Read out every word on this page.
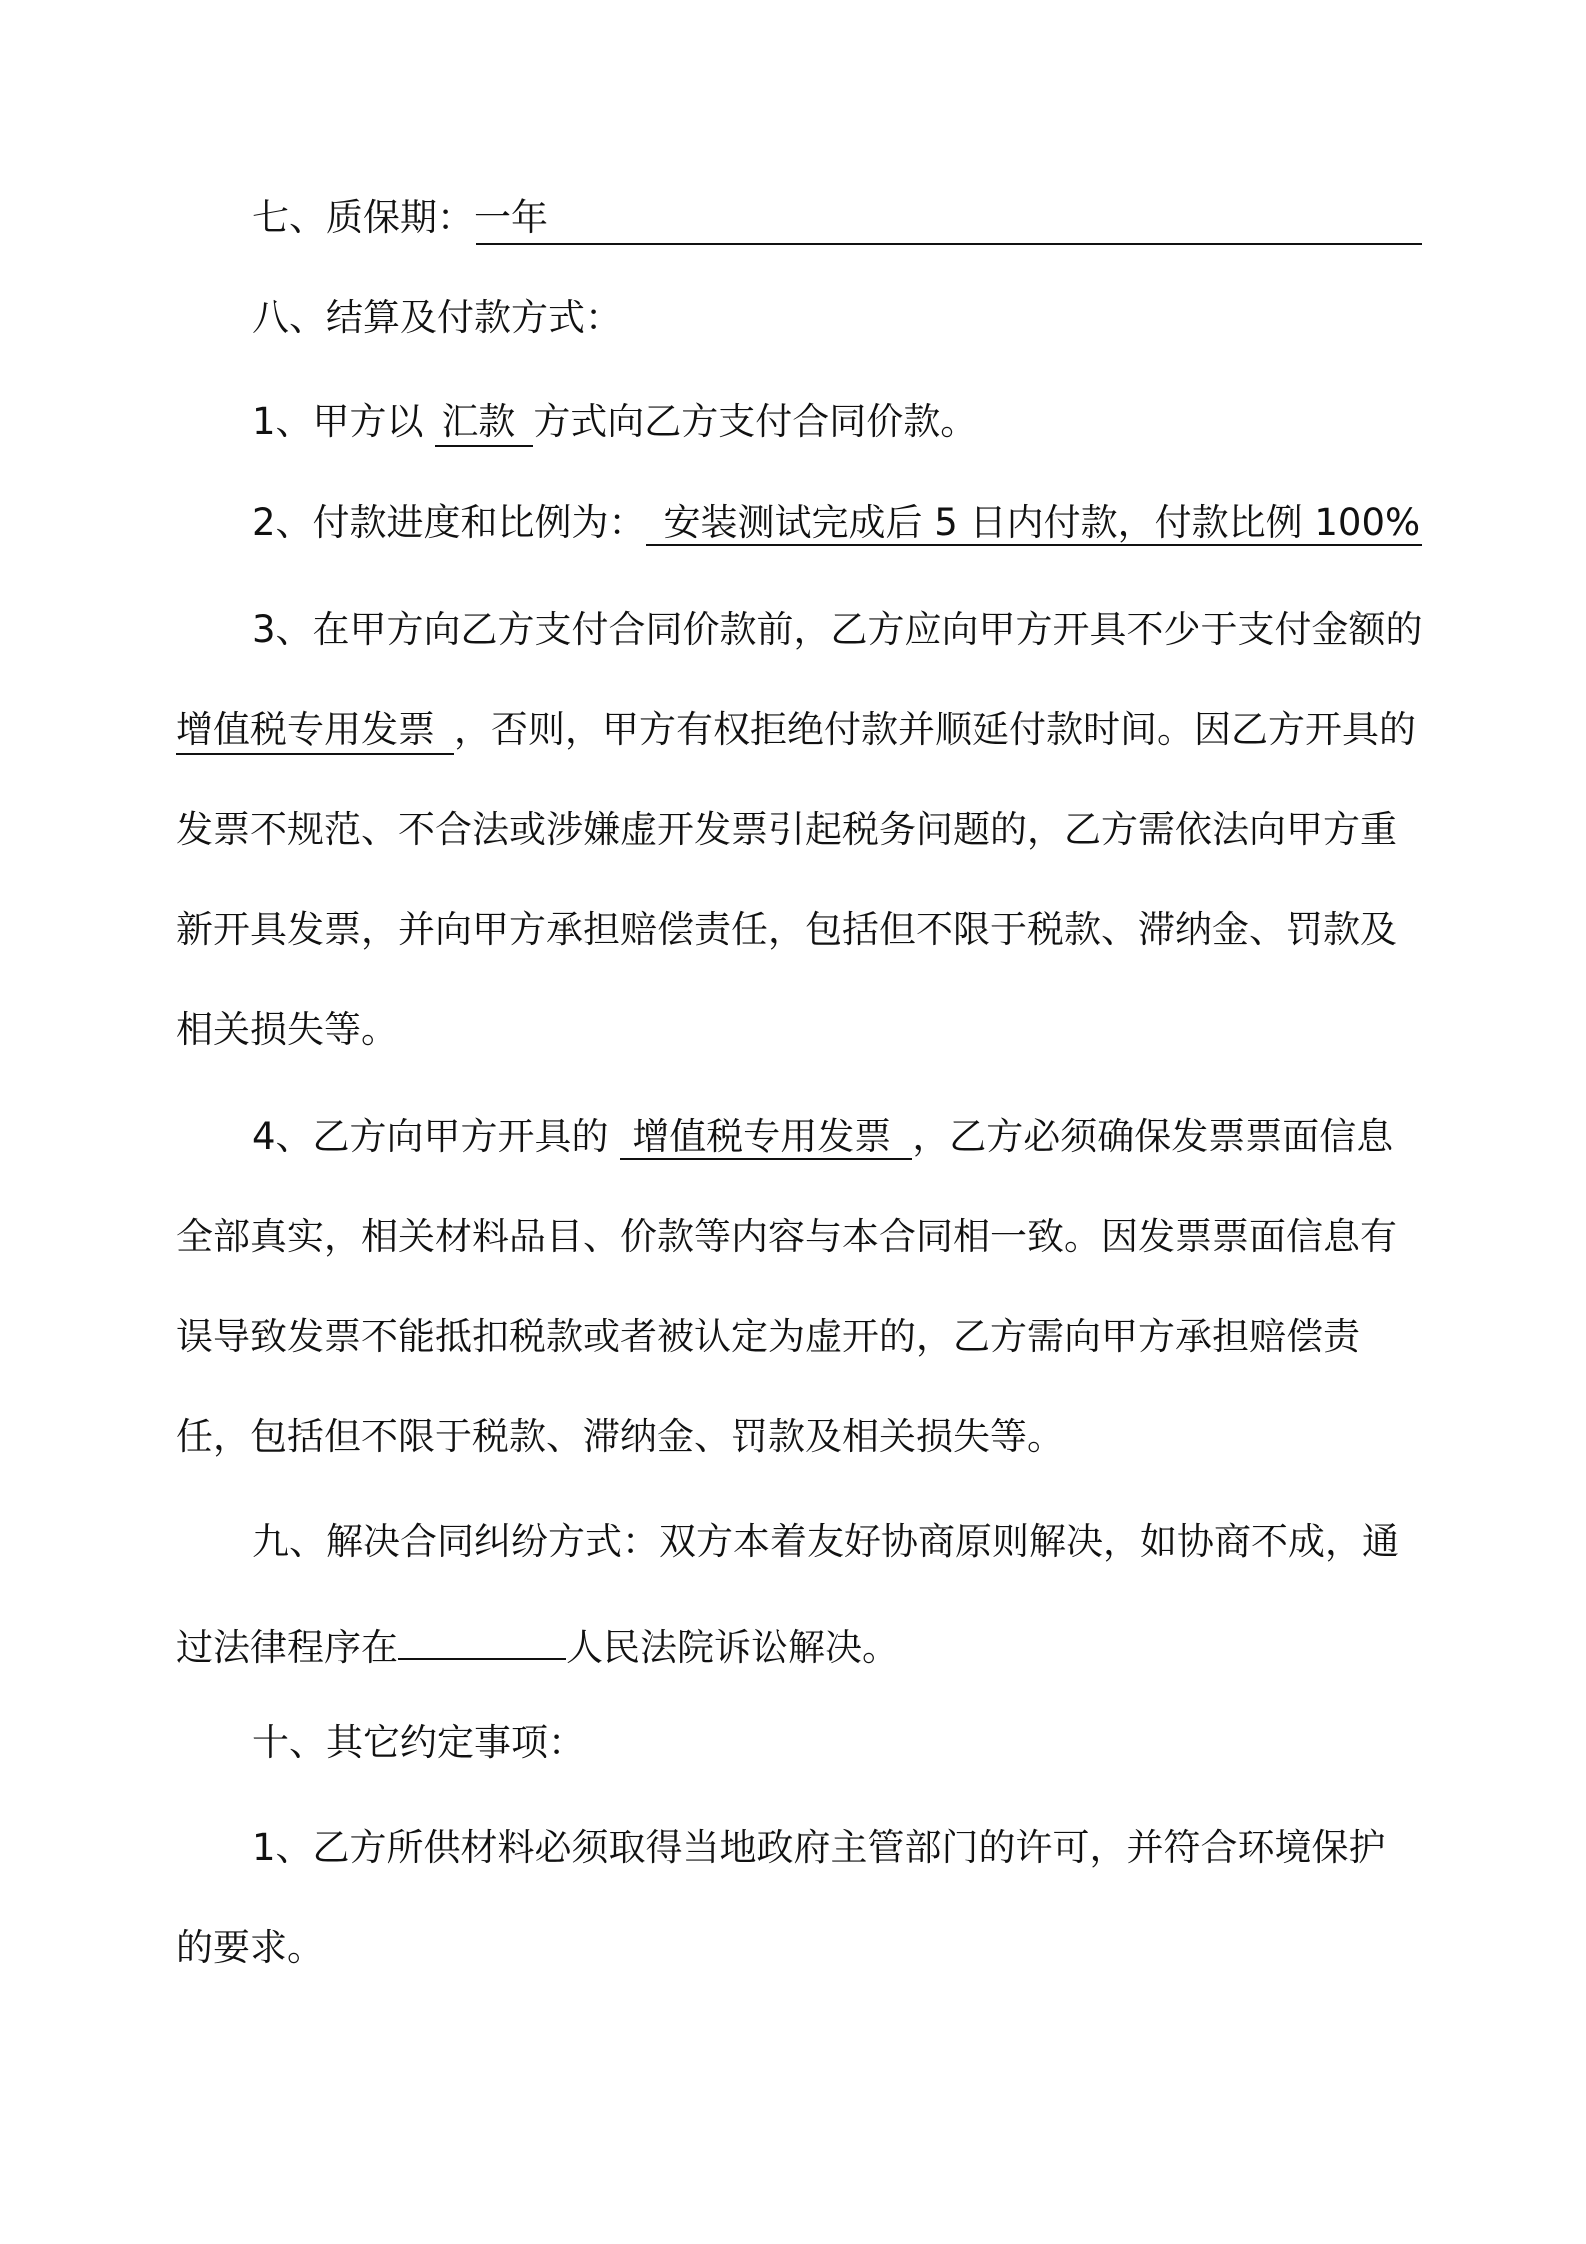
七、质保期：一年
八、结算及付款方式：
1、甲方以 汇款 方式向乙方支付合同价款。
2、付款进度和比例为： 安装测试完成后 5 日内付款，付款比例 100%
3、在甲方向乙方支付合同价款前，乙方应向甲方开具不少于支付金额的
增值税专用发票 ，否则，甲方有权拒绝付款并顺延付款时间。因乙方开具的
发票不规范、不合法或涉嫌虚开发票引起税务问题的，乙方需依法向甲方重
新开具发票，并向甲方承担赔偿责任，包括但不限于税款、滞纳金、罚款及
相关损失等。
4、乙方向甲方开具的 增值税专用发票 ，乙方必须确保发票票面信息
全部真实，相关材料品目、价款等内容与本合同相一致。因发票票面信息有
误导致发票不能抵扣税款或者被认定为虚开的，乙方需向甲方承担赔偿责
任，包括但不限于税款、滞纳金、罚款及相关损失等。
九、解决合同纠纷方式：双方本着友好协商原则解决，如协商不成，通
过法律程序在	人民法院诉讼解决。
十、其它约定事项：
1、乙方所供材料必须取得当地政府主管部门的许可，并符合环境保护
的要求。
